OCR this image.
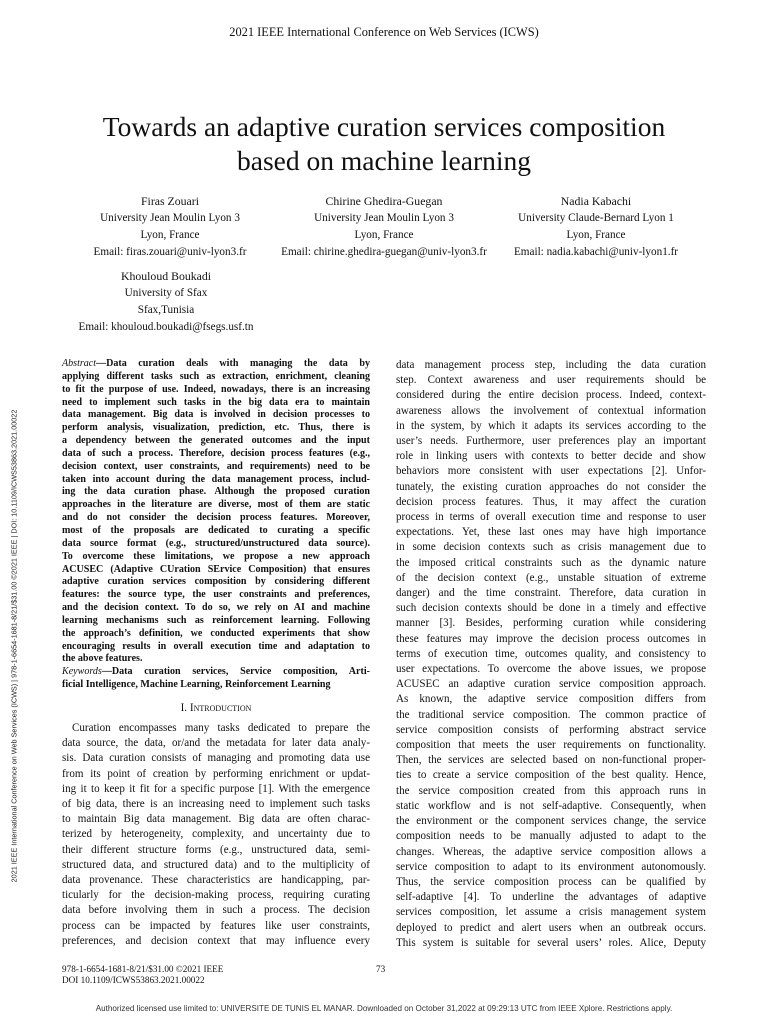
2021 IEEE International Conference on Web Services (ICWS)
Towards an adaptive curation services composition
based on machine learning
Firas Zouari
University Jean Moulin Lyon 3
Lyon, France
Email: firas.zouari@univ-lyon3.fr
Chirine Ghedira-Guegan
University Jean Moulin Lyon 3
Lyon, France
Email: chirine.ghedira-guegan@univ-lyon3.fr
Nadia Kabachi
University Claude-Bernard Lyon 1
Lyon, France
Email: nadia.kabachi@univ-lyon1.fr
Khouloud Boukadi
University of Sfax
Sfax,Tunisia
Email: khouloud.boukadi@fsegs.usf.tn
2021 IEEE International Conference on Web Services (ICWS) | 978-1-6654-1681-8/21/$31.00 ©2021 IEEE | DOI: 10.1109/ICWS53863.2021.00022
Abstract—Data curation deals with managing the data by
applying different tasks such as extraction, enrichment, cleaning
to fit the purpose of use. Indeed, nowadays, there is an increasing
need to implement such tasks in the big data era to maintain
data management. Big data is involved in decision processes to
perform analysis, visualization, prediction, etc. Thus, there is
a dependency between the generated outcomes and the input
data of such a process. Therefore, decision process features (e.g.,
decision context, user constraints, and requirements) need to be
taken into account during the data management process, includ-
ing the data curation phase. Although the proposed curation
approaches in the literature are diverse, most of them are static
and do not consider the decision process features. Moreover,
most of the proposals are dedicated to curating a specific
data source format (e.g., structured/unstructured data source).
To overcome these limitations, we propose a new approach
ACUSEC (Adaptive CUration SErvice Composition) that ensures
adaptive curation services composition by considering different
features: the source type, the user constraints and preferences,
and the decision context. To do so, we rely on AI and machine
learning mechanisms such as reinforcement learning. Following
the approach’s definition, we conducted experiments that show
encouraging results in overall execution time and adaptation to
the above features.
Keywords—Data curation services, Service composition, Arti-
ficial Intelligence, Machine Learning, Reinforcement Learning
I. Introduction
Curation encompasses many tasks dedicated to prepare the
data source, the data, or/and the metadata for later data analy-
sis. Data curation consists of managing and promoting data use
from its point of creation by performing enrichment or updat-
ing it to keep it fit for a specific purpose [1]. With the emergence
of big data, there is an increasing need to implement such tasks
to maintain Big data management. Big data are often charac-
terized by heterogeneity, complexity, and uncertainty due to
their different structure forms (e.g., unstructured data, semi-
structured data, and structured data) and to the multiplicity of
data provenance. These characteristics are handicapping, par-
ticularly for the decision-making process, requiring curating
data before involving them in such a process. The decision
process can be impacted by features like user constraints,
preferences, and decision context that may influence every
data management process step, including the data curation
step. Context awareness and user requirements should be
considered during the entire decision process. Indeed, context-
awareness allows the involvement of contextual information
in the system, by which it adapts its services according to the
user’s needs. Furthermore, user preferences play an important
role in linking users with contexts to better decide and show
behaviors more consistent with user expectations [2]. Unfor-
tunately, the existing curation approaches do not consider the
decision process features. Thus, it may affect the curation
process in terms of overall execution time and response to user
expectations. Yet, these last ones may have high importance
in some decision contexts such as crisis management due to
the imposed critical constraints such as the dynamic nature
of the decision context (e.g., unstable situation of extreme
danger) and the time constraint. Therefore, data curation in
such decision contexts should be done in a timely and effective
manner [3]. Besides, performing curation while considering
these features may improve the decision process outcomes in
terms of execution time, outcomes quality, and consistency to
user expectations. To overcome the above issues, we propose
ACUSEC an adaptive curation service composition approach.
As known, the adaptive service composition differs from
the traditional service composition. The common practice of
service composition consists of performing abstract service
composition that meets the user requirements on functionality.
Then, the services are selected based on non-functional proper-
ties to create a service composition of the best quality. Hence,
the service composition created from this approach runs in
static workflow and is not self-adaptive. Consequently, when
the environment or the component services change, the service
composition needs to be manually adjusted to adapt to the
changes. Whereas, the adaptive service composition allows a
service composition to adapt to its environment autonomously.
Thus, the service composition process can be qualified by
self-adaptive [4]. To underline the advantages of adaptive
services composition, let assume a crisis management system
deployed to predict and alert users when an outbreak occurs.
This system is suitable for several users’ roles. Alice, Deputy
978-1-6654-1681-8/21/$31.00 ©2021 IEEE
DOI 10.1109/ICWS53863.2021.00022
73
Authorized licensed use limited to: UNIVERSITE DE TUNIS EL MANAR. Downloaded on October 31,2022 at 09:29:13 UTC from IEEE Xplore. Restrictions apply.
